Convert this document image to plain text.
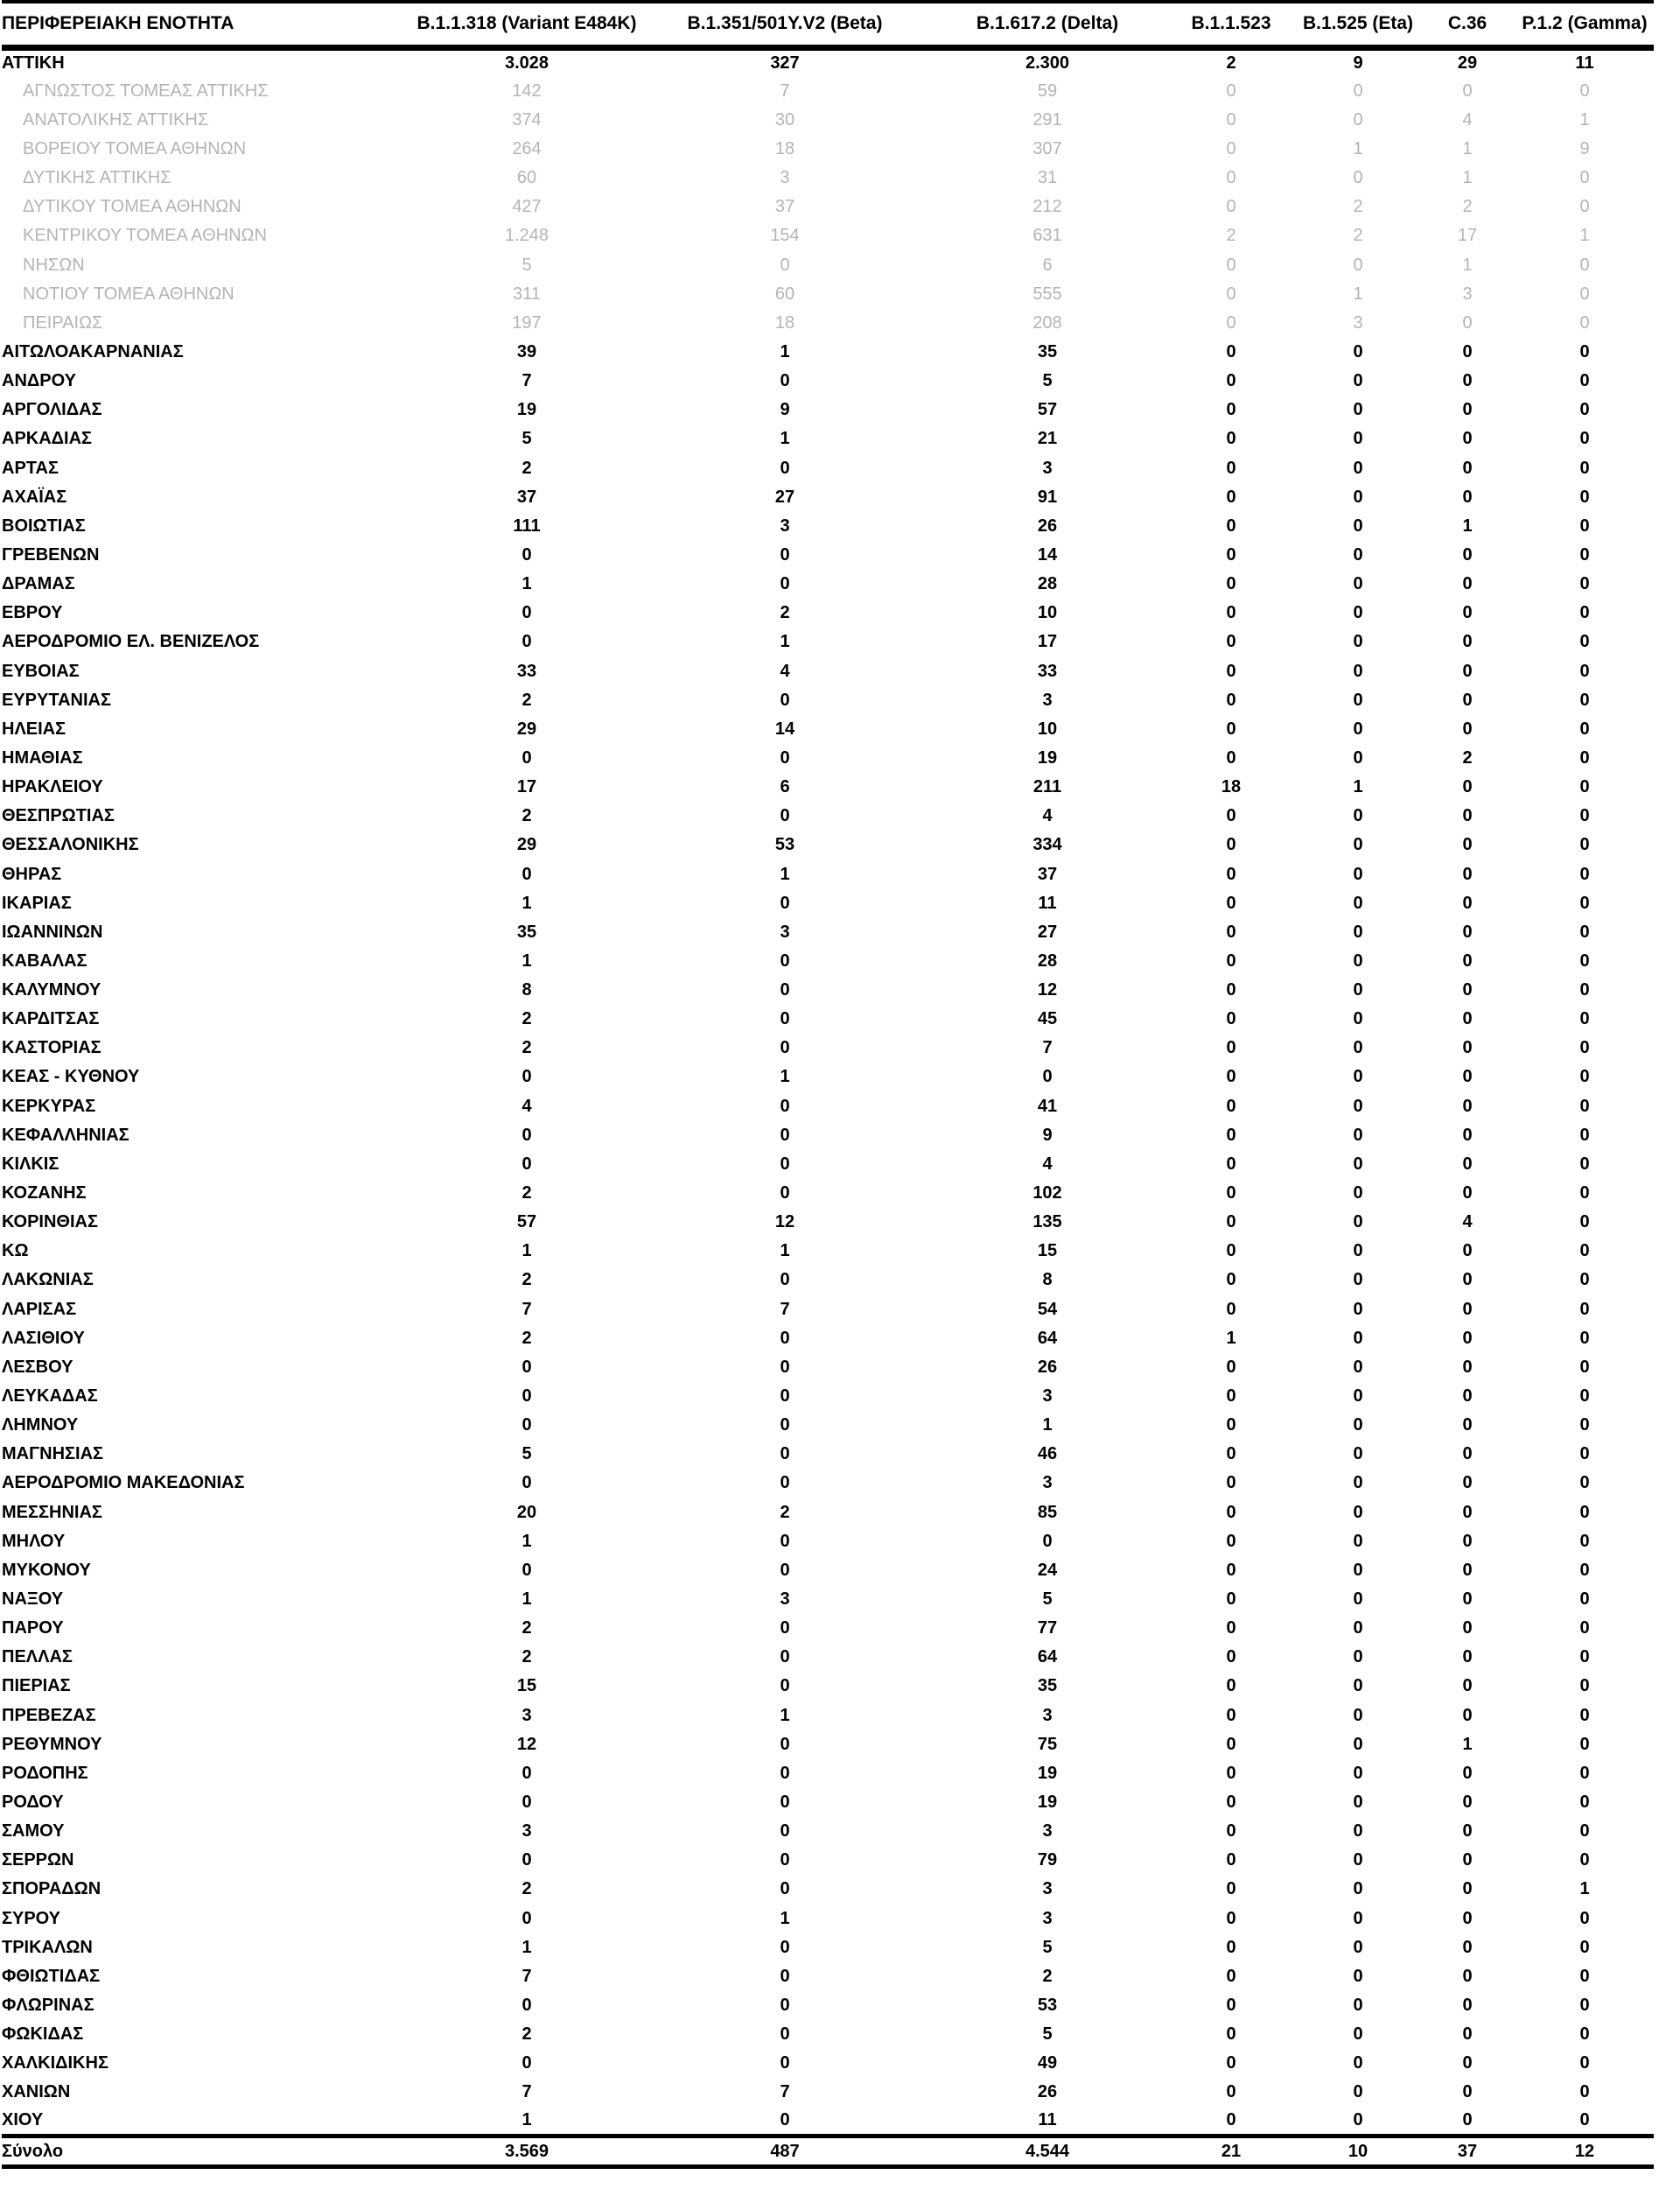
ΠΕΡΙΦΕΡΕΙΑΚΗ ΕΝΟΤΗΤΑ	B.1.1.318 (Variant E484K)	B.1.351/501Y.V2 (Beta)	B.1.617.2 (Delta)	B.1.1.523	B.1.525 (Eta)	C.36	P.1.2 (Gamma)
ΑΤΤΙΚΗ	3.028	327	2.300	2	9	29	11
ΑΓΝΩΣΤΟΣ ΤΟΜΕΑΣ ΑΤΤΙΚΗΣ	142	7	59	0	0	0	0
ΑΝΑΤΟΛΙΚΗΣ ΑΤΤΙΚΗΣ	374	30	291	0	0	4	1
ΒΟΡΕΙΟΥ ΤΟΜΕΑ ΑΘΗΝΩΝ	264	18	307	0	1	1	9
ΔΥΤΙΚΗΣ ΑΤΤΙΚΗΣ	60	3	31	0	0	1	0
ΔΥΤΙΚΟΥ ΤΟΜΕΑ ΑΘΗΝΩΝ	427	37	212	0	2	2	0
ΚΕΝΤΡΙΚΟΥ ΤΟΜΕΑ ΑΘΗΝΩΝ	1.248	154	631	2	2	17	1
ΝΗΣΩΝ	5	0	6	0	0	1	0
ΝΟΤΙΟΥ ΤΟΜΕΑ ΑΘΗΝΩΝ	311	60	555	0	1	3	0
ΠΕΙΡΑΙΩΣ	197	18	208	0	3	0	0
ΑΙΤΩΛΟΑΚΑΡΝΑΝΙΑΣ	39	1	35	0	0	0	0
ΑΝΔΡΟΥ	7	0	5	0	0	0	0
ΑΡΓΟΛΙΔΑΣ	19	9	57	0	0	0	0
ΑΡΚΑΔΙΑΣ	5	1	21	0	0	0	0
ΑΡΤΑΣ	2	0	3	0	0	0	0
ΑΧΑΪΑΣ	37	27	91	0	0	0	0
ΒΟΙΩΤΙΑΣ	111	3	26	0	0	1	0
ΓΡΕΒΕΝΩΝ	0	0	14	0	0	0	0
ΔΡΑΜΑΣ	1	0	28	0	0	0	0
ΕΒΡΟΥ	0	2	10	0	0	0	0
ΑΕΡΟΔΡΟΜΙΟ ΕΛ. ΒΕΝΙΖΕΛΟΣ	0	1	17	0	0	0	0
ΕΥΒΟΙΑΣ	33	4	33	0	0	0	0
ΕΥΡΥΤΑΝΙΑΣ	2	0	3	0	0	0	0
ΗΛΕΙΑΣ	29	14	10	0	0	0	0
ΗΜΑΘΙΑΣ	0	0	19	0	0	2	0
ΗΡΑΚΛΕΙΟΥ	17	6	211	18	1	0	0
ΘΕΣΠΡΩΤΙΑΣ	2	0	4	0	0	0	0
ΘΕΣΣΑΛΟΝΙΚΗΣ	29	53	334	0	0	0	0
ΘΗΡΑΣ	0	1	37	0	0	0	0
ΙΚΑΡΙΑΣ	1	0	11	0	0	0	0
ΙΩΑΝΝΙΝΩΝ	35	3	27	0	0	0	0
ΚΑΒΑΛΑΣ	1	0	28	0	0	0	0
ΚΑΛΥΜΝΟΥ	8	0	12	0	0	0	0
ΚΑΡΔΙΤΣΑΣ	2	0	45	0	0	0	0
ΚΑΣΤΟΡΙΑΣ	2	0	7	0	0	0	0
ΚΕΑΣ - ΚΥΘΝΟΥ	0	1	0	0	0	0	0
ΚΕΡΚΥΡΑΣ	4	0	41	0	0	0	0
ΚΕΦΑΛΛΗΝΙΑΣ	0	0	9	0	0	0	0
ΚΙΛΚΙΣ	0	0	4	0	0	0	0
ΚΟΖΑΝΗΣ	2	0	102	0	0	0	0
ΚΟΡΙΝΘΙΑΣ	57	12	135	0	0	4	0
ΚΩ	1	1	15	0	0	0	0
ΛΑΚΩΝΙΑΣ	2	0	8	0	0	0	0
ΛΑΡΙΣΑΣ	7	7	54	0	0	0	0
ΛΑΣΙΘΙΟΥ	2	0	64	1	0	0	0
ΛΕΣΒΟΥ	0	0	26	0	0	0	0
ΛΕΥΚΑΔΑΣ	0	0	3	0	0	0	0
ΛΗΜΝΟΥ	0	0	1	0	0	0	0
ΜΑΓΝΗΣΙΑΣ	5	0	46	0	0	0	0
ΑΕΡΟΔΡΟΜΙΟ ΜΑΚΕΔΟΝΙΑΣ	0	0	3	0	0	0	0
ΜΕΣΣΗΝΙΑΣ	20	2	85	0	0	0	0
ΜΗΛΟΥ	1	0	0	0	0	0	0
ΜΥΚΟΝΟΥ	0	0	24	0	0	0	0
ΝΑΞΟΥ	1	3	5	0	0	0	0
ΠΑΡΟΥ	2	0	77	0	0	0	0
ΠΕΛΛΑΣ	2	0	64	0	0	0	0
ΠΙΕΡΙΑΣ	15	0	35	0	0	0	0
ΠΡΕΒΕΖΑΣ	3	1	3	0	0	0	0
ΡΕΘΥΜΝΟΥ	12	0	75	0	0	1	0
ΡΟΔΟΠΗΣ	0	0	19	0	0	0	0
ΡΟΔΟΥ	0	0	19	0	0	0	0
ΣΑΜΟΥ	3	0	3	0	0	0	0
ΣΕΡΡΩΝ	0	0	79	0	0	0	0
ΣΠΟΡΑΔΩΝ	2	0	3	0	0	0	1
ΣΥΡΟΥ	0	1	3	0	0	0	0
ΤΡΙΚΑΛΩΝ	1	0	5	0	0	0	0
ΦΘΙΩΤΙΔΑΣ	7	0	2	0	0	0	0
ΦΛΩΡΙΝΑΣ	0	0	53	0	0	0	0
ΦΩΚΙΔΑΣ	2	0	5	0	0	0	0
ΧΑΛΚΙΔΙΚΗΣ	0	0	49	0	0	0	0
ΧΑΝΙΩΝ	7	7	26	0	0	0	0
ΧΙΟΥ	1	0	11	0	0	0	0
Σύνολο	3.569	487	4.544	21	10	37	12
